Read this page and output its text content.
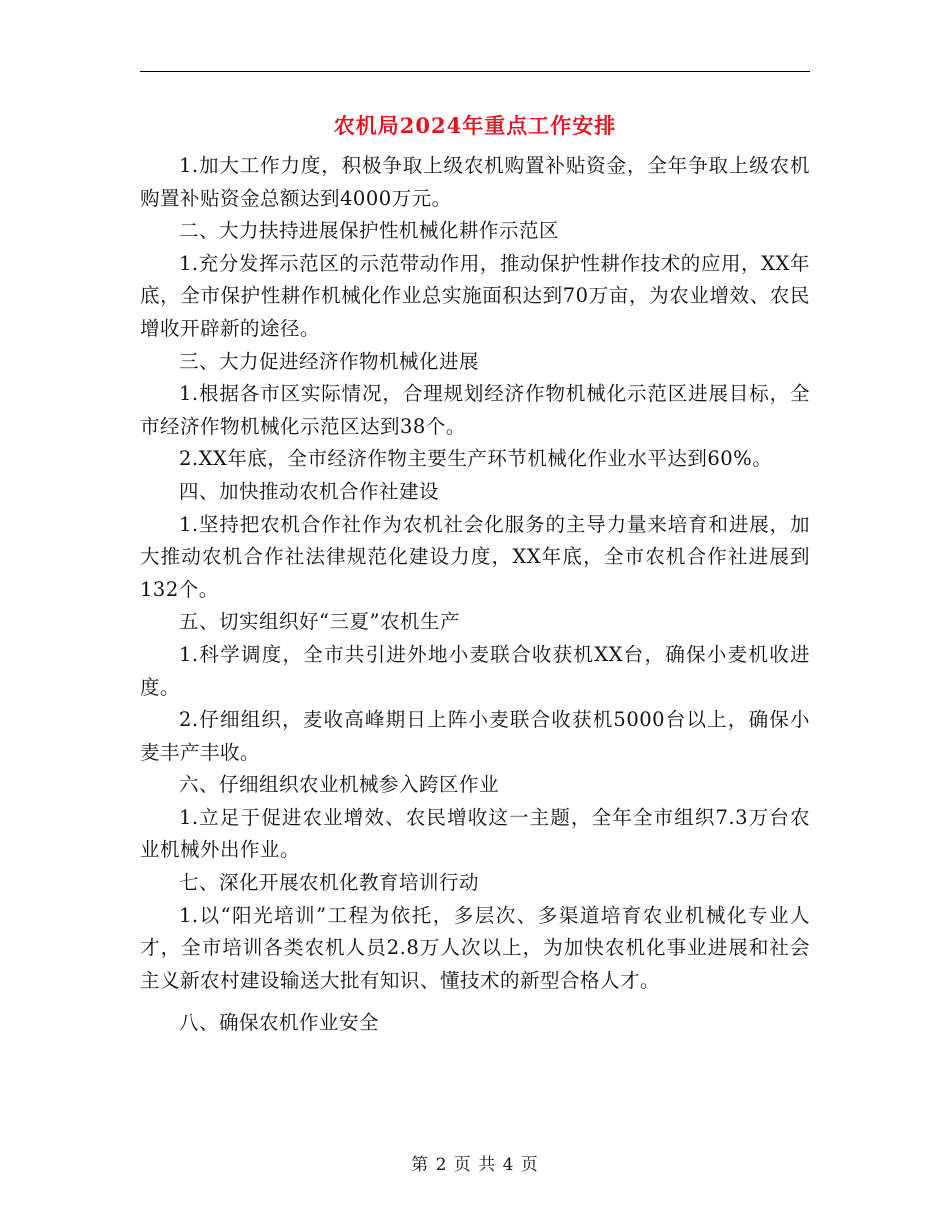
农机局2024年重点工作安排

1.加大工作力度，积极争取上级农机购置补贴资金，全年争取上级农机购置补贴资金总额达到4000万元。

二、大力扶持进展保护性机械化耕作示范区

1.充分发挥示范区的示范带动作用，推动保护性耕作技术的应用，XX年底，全市保护性耕作机械化作业总实施面积达到70万亩，为农业增效、农民增收开辟新的途径。

三、大力促进经济作物机械化进展

1.根据各市区实际情况，合理规划经济作物机械化示范区进展目标，全市经济作物机械化示范区达到38个。

2.XX年底，全市经济作物主要生产环节机械化作业水平达到60%。

四、加快推动农机合作社建设

1.坚持把农机合作社作为农机社会化服务的主导力量来培育和进展，加大推动农机合作社法律规范化建设力度，XX年底，全市农机合作社进展到132个。

五、切实组织好“三夏”农机生产

1.科学调度，全市共引进外地小麦联合收获机XX台，确保小麦机收进度。

2.仔细组织，麦收高峰期日上阵小麦联合收获机5000台以上，确保小麦丰产丰收。

六、仔细组织农业机械参入跨区作业

1.立足于促进农业增效、农民增收这一主题，全年全市组织7.3万台农业机械外出作业。

七、深化开展农机化教育培训行动

1.以“阳光培训”工程为依托，多层次、多渠道培育农业机械化专业人才，全市培训各类农机人员2.8万人次以上，为加快农机化事业进展和社会主义新农村建设输送大批有知识、懂技术的新型合格人才。

八、确保农机作业安全

第 2 页 共 4 页
